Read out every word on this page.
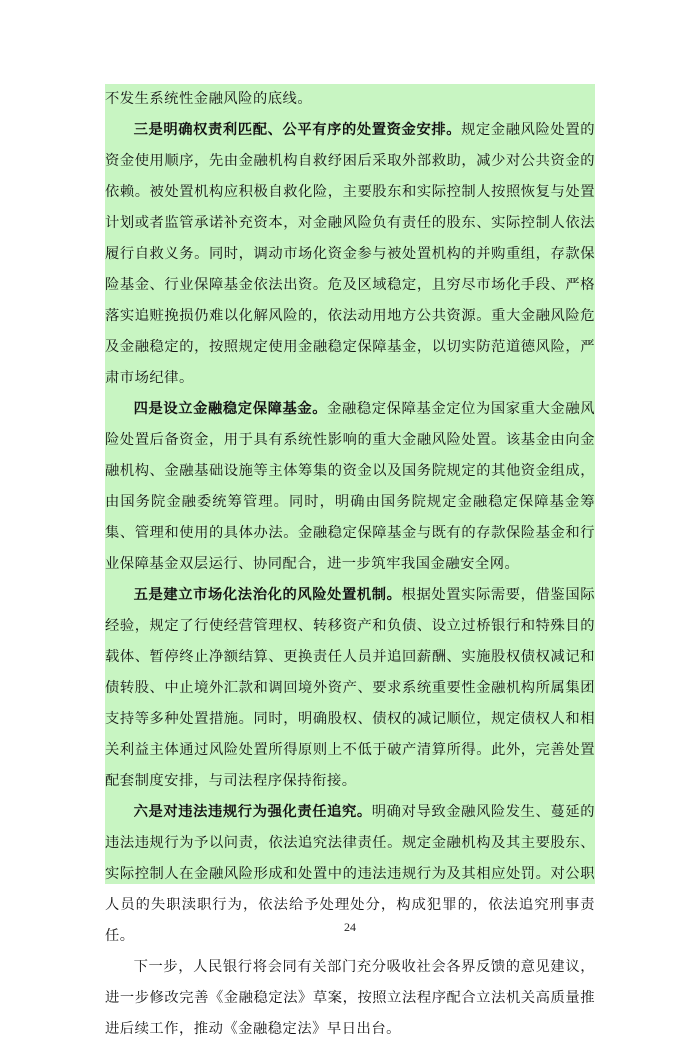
不发生系统性金融风险的底线。

三是明确权责利匹配、公平有序的处置资金安排。规定金融风险处置的资金使用顺序，先由金融机构自救纾困后采取外部救助，减少对公共资金的依赖。被处置机构应积极自救化险，主要股东和实际控制人按照恢复与处置计划或者监管承诺补充资本，对金融风险负有责任的股东、实际控制人依法履行自救义务。同时，调动市场化资金参与被处置机构的并购重组，存款保险基金、行业保障基金依法出资。危及区域稳定，且穷尽市场化手段、严格落实追赃挽损仍难以化解风险的，依法动用地方公共资源。重大金融风险危及金融稳定的，按照规定使用金融稳定保障基金，以切实防范道德风险，严肃市场纪律。

四是设立金融稳定保障基金。金融稳定保障基金定位为国家重大金融风险处置后备资金，用于具有系统性影响的重大金融风险处置。该基金由向金融机构、金融基础设施等主体筹集的资金以及国务院规定的其他资金组成，由国务院金融委统筹管理。同时，明确由国务院规定金融稳定保障基金筹集、管理和使用的具体办法。金融稳定保障基金与既有的存款保险基金和行业保障基金双层运行、协同配合，进一步筑牢我国金融安全网。

五是建立市场化法治化的风险处置机制。根据处置实际需要，借鉴国际经验，规定了行使经营管理权、转移资产和负债、设立过桥银行和特殊目的载体、暂停终止净额结算、更换责任人员并追回薪酬、实施股权债权减记和债转股、中止境外汇款和调回境外资产、要求系统重要性金融机构所属集团支持等多种处置措施。同时，明确股权、债权的减记顺位，规定债权人和相关利益主体通过风险处置所得原则上不低于破产清算所得。此外，完善处置配套制度安排，与司法程序保持衔接。

六是对违法违规行为强化责任追究。明确对导致金融风险发生、蔓延的违法违规行为予以问责，依法追究法律责任。规定金融机构及其主要股东、实际控制人在金融风险形成和处置中的违法违规行为及其相应处罚。对公职人员的失职渎职行为，依法给予处理处分，构成犯罪的，依法追究刑事责任。

下一步，人民银行将会同有关部门充分吸收社会各界反馈的意见建议，进一步修改完善《金融稳定法》草案，按照立法程序配合立法机关高质量推进后续工作，推动《金融稳定法》早日出台。

24
